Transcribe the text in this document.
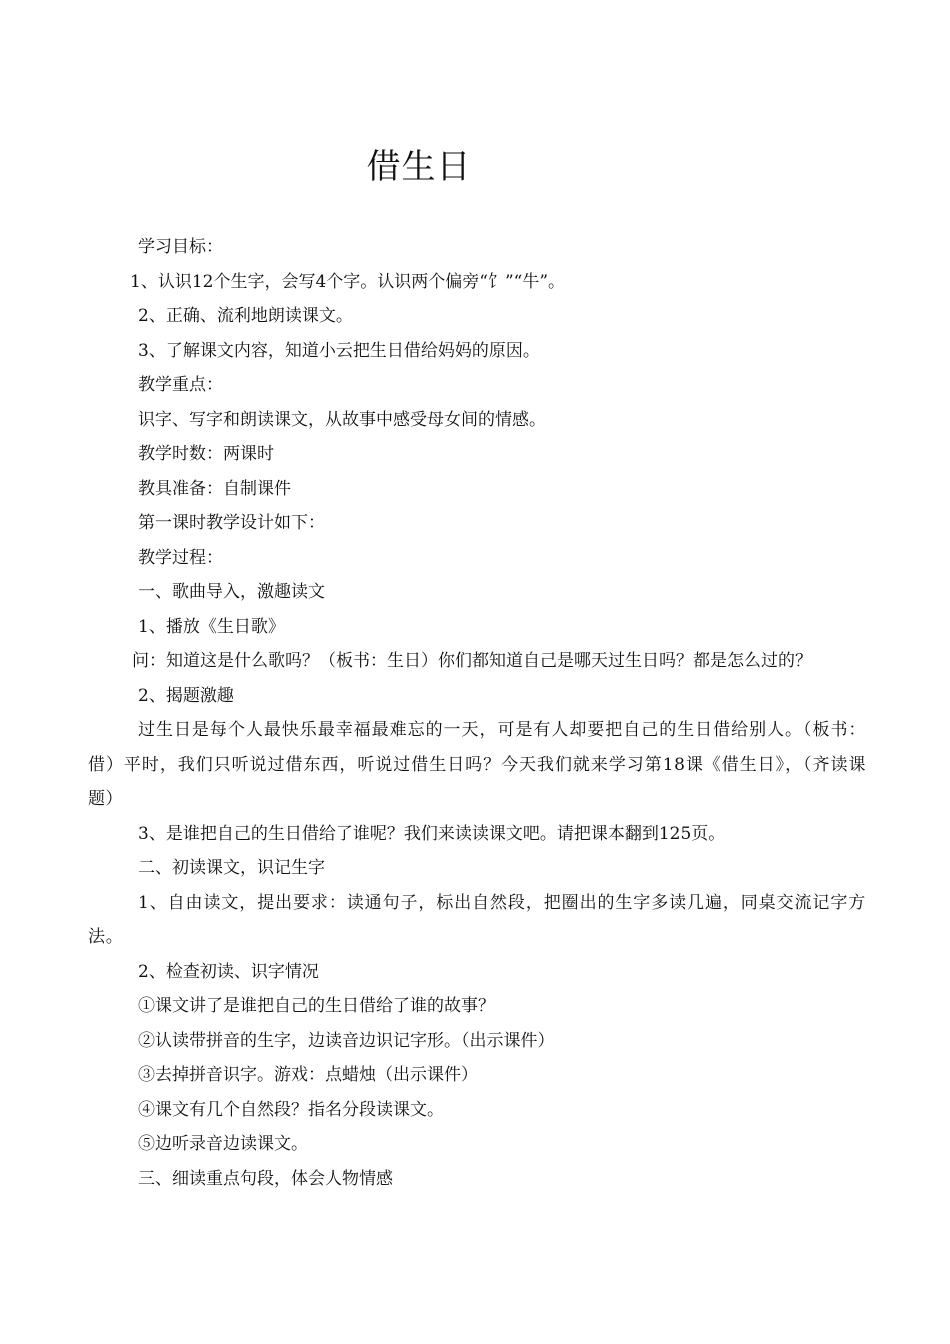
借生日

学习目标：

1、认识12个生字，会写4个字。认识两个偏旁“饣”“牛”。

2、正确、流利地朗读课文。

3、了解课文内容，知道小云把生日借给妈妈的原因。

教学重点：

识字、写字和朗读课文，从故事中感受母女间的情感。

教学时数：两课时

教具准备：自制课件

第一课时教学设计如下：

教学过程：

一、歌曲导入，激趣读文

1、播放《生日歌》

问：知道这是什么歌吗？（板书：生日）你们都知道自己是哪天过生日吗？都是怎么过的？

2、揭题激趣

过生日是每个人最快乐最幸福最难忘的一天，可是有人却要把自己的生日借给别人。（板书：借）平时，我们只听说过借东西，听说过借生日吗？今天我们就来学习第18课《借生日》，（齐读课题）

3、是谁把自己的生日借给了谁呢？我们来读读课文吧。请把课本翻到125页。

二、初读课文，识记生字

1、自由读文，提出要求：读通句子，标出自然段，把圈出的生字多读几遍，同桌交流记字方法。

2、检查初读、识字情况

①课文讲了是谁把自己的生日借给了谁的故事？

②认读带拼音的生字，边读音边识记字形。（出示课件）

③去掉拼音识字。游戏：点蜡烛（出示课件）

④课文有几个自然段？指名分段读课文。

⑤边听录音边读课文。

三、细读重点句段，体会人物情感
